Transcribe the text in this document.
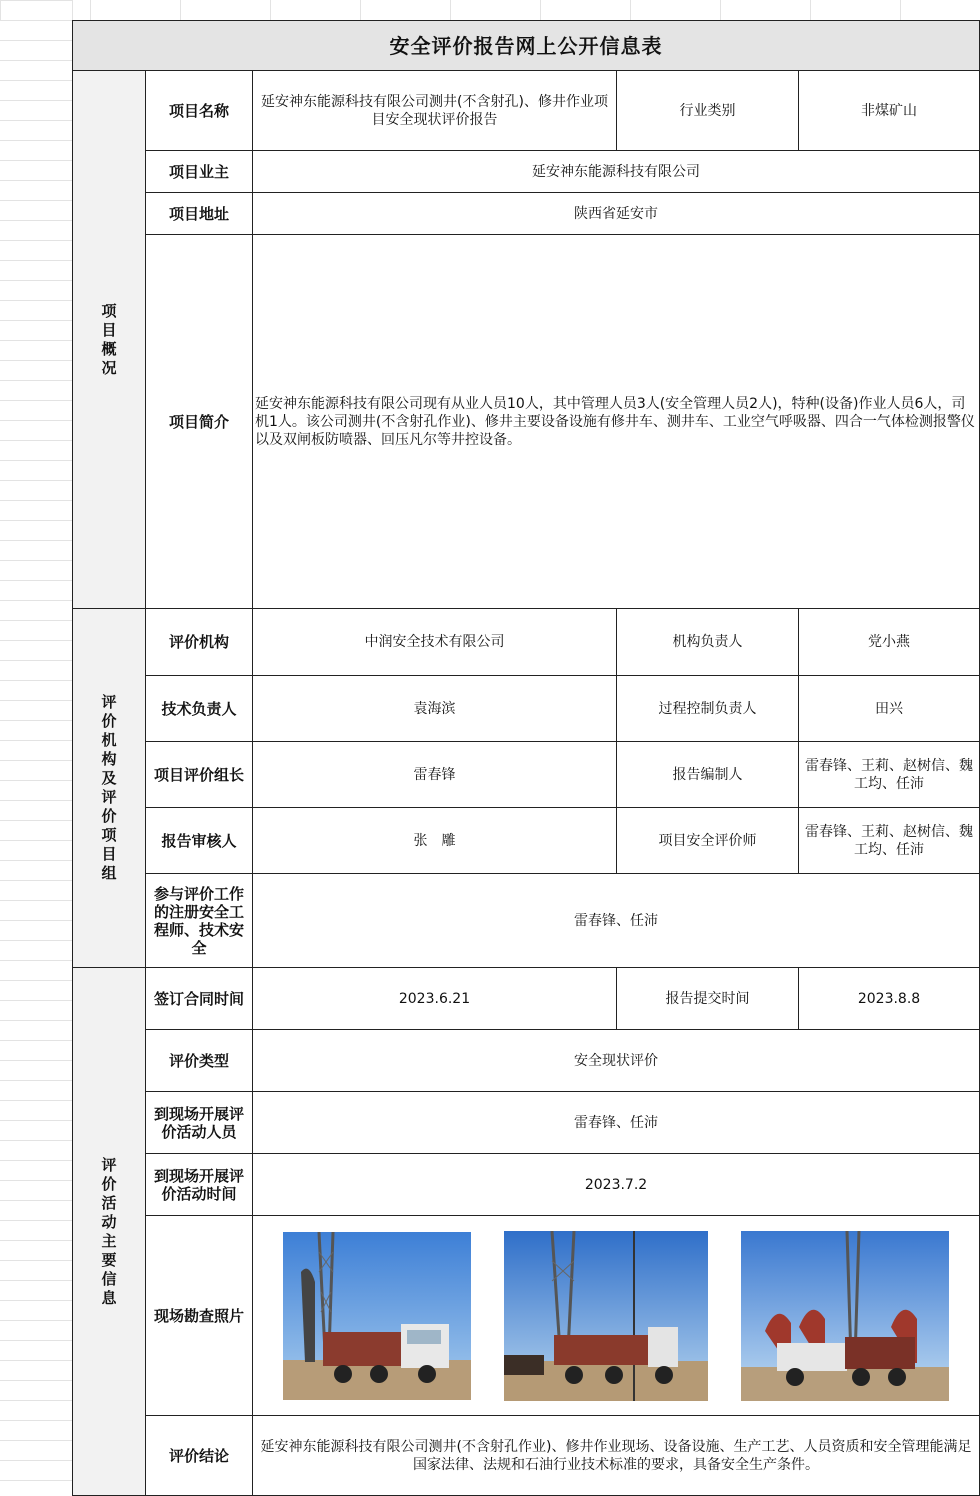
安全评价报告网上公开信息表				
项目概况	项目名称	延安神东能源科技有限公司测井(不含射孔)、修井作业项目安全现状评价报告	行业类别	非煤矿山
	项目业主	延安神东能源科技有限公司		
	项目地址	陕西省延安市		
	项目简介	延安神东能源科技有限公司现有从业人员10人，其中管理人员3人(安全管理人员2人)，特种(设备)作业人员6人，司机1人。该公司测井(不含射孔作业)、修井主要设备设施有修井车、测井车、工业空气呼吸器、四合一气体检测报警仪以及双闸板防喷器、回压凡尔等井控设备。		
评价机构及评价项目组	评价机构	中润安全技术有限公司	机构负责人	党小燕
	技术负责人	袁海滨	过程控制负责人	田兴
	项目评价组长	雷春锋	报告编制人	雷春锋、王莉、赵树信、魏工均、任沛
	报告审核人	张　雕	项目安全评价师	雷春锋、王莉、赵树信、魏工均、任沛
	参与评价工作的注册安全工程师、技术安全	雷春锋、任沛		
评价活动主要信息	签订合同时间	2023.6.21	报告提交时间	2023.8.8
	评价类型	安全现状评价		
	到现场开展评价活动人员	雷春锋、任沛		
	到现场开展评价活动时间	2023.7.2		
	现场勘查照片	

	评价结论	延安神东能源科技有限公司测井(不含射孔作业)、修井作业现场、设备设施、生产工艺、人员资质和安全管理能满足国家法律、法规和石油行业技术标准的要求，具备安全生产条件。		
